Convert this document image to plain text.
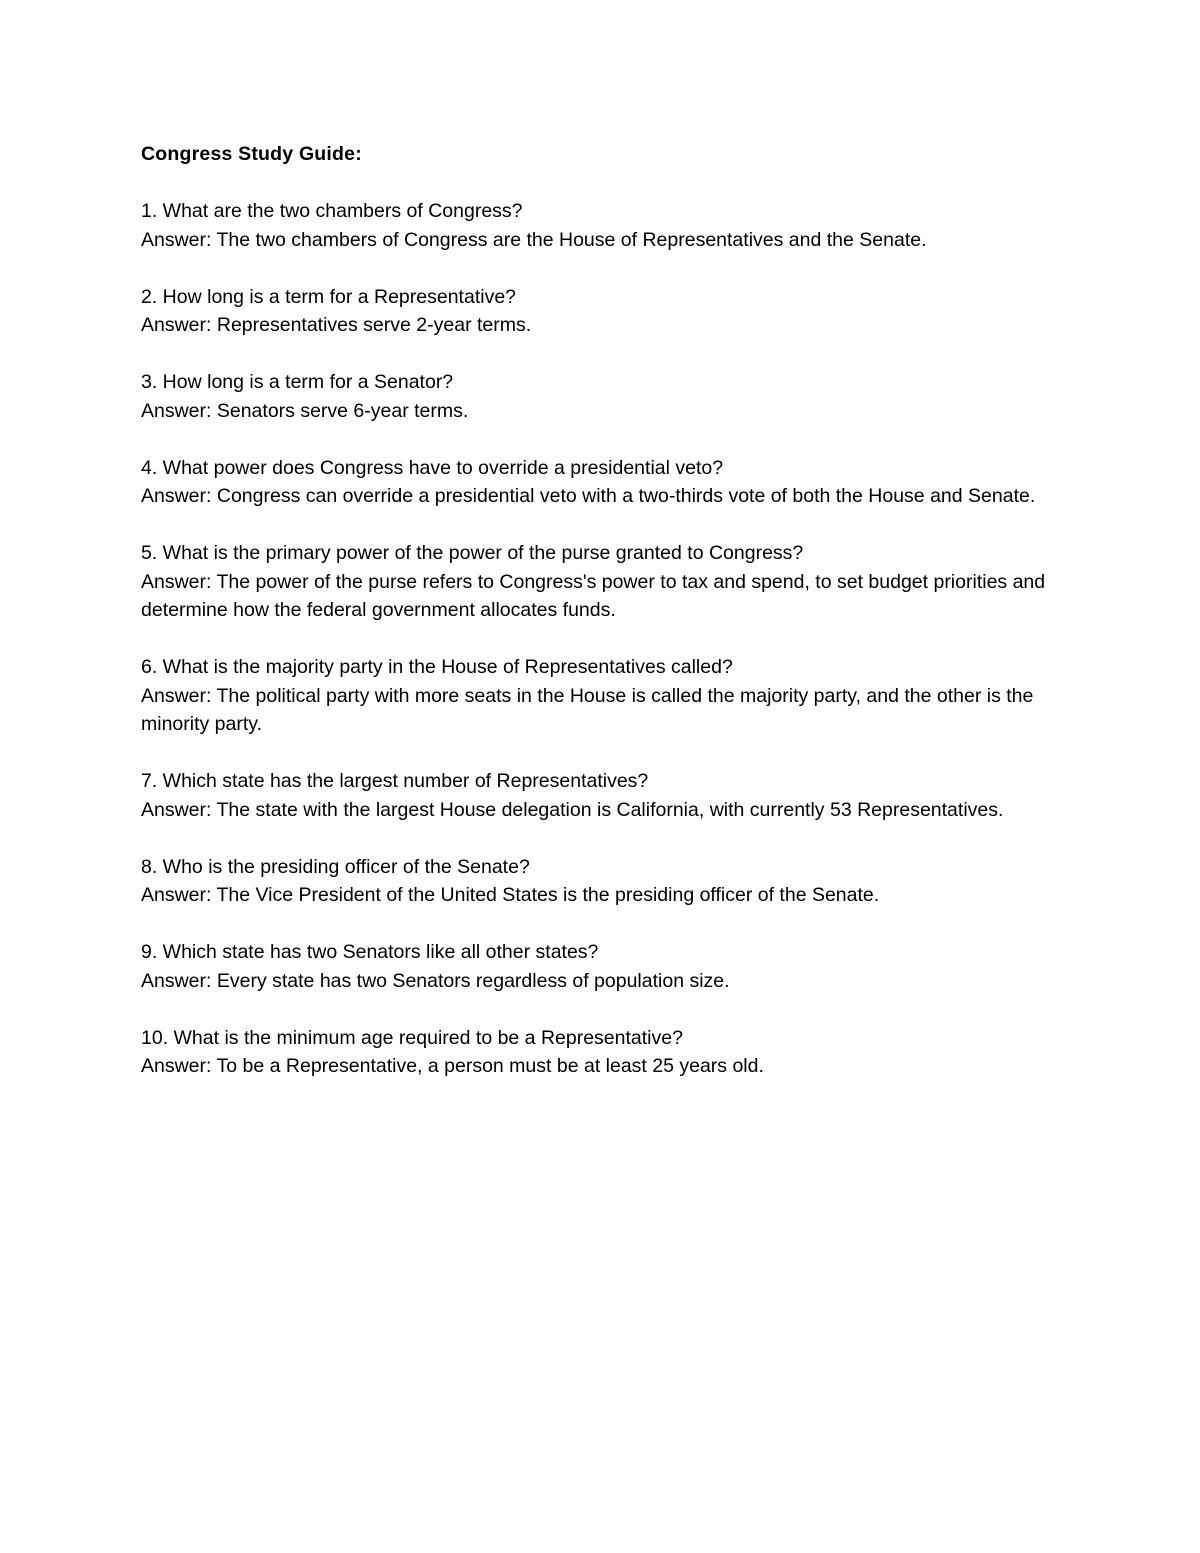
Congress Study Guide:

1. What are the two chambers of Congress?

Answer: The two chambers of Congress are the House of Representatives and the Senate.

2. How long is a term for a Representative?

Answer: Representatives serve 2-year terms.

3. How long is a term for a Senator?

Answer: Senators serve 6-year terms.

4. What power does Congress have to override a presidential veto?

Answer: Congress can override a presidential veto with a two-thirds vote of both the House and Senate.

5. What is the primary power of the power of the purse granted to Congress?

Answer: The power of the purse refers to Congress's power to tax and spend, to set budget priorities and determine how the federal government allocates funds.

6. What is the majority party in the House of Representatives called?

Answer: The political party with more seats in the House is called the majority party, and the other is the minority party.

7. Which state has the largest number of Representatives?

Answer: The state with the largest House delegation is California, with currently 53 Representatives.

8. Who is the presiding officer of the Senate?

Answer: The Vice President of the United States is the presiding officer of the Senate.

9. Which state has two Senators like all other states?

Answer: Every state has two Senators regardless of population size.

10. What is the minimum age required to be a Representative?

Answer: To be a Representative, a person must be at least 25 years old.
